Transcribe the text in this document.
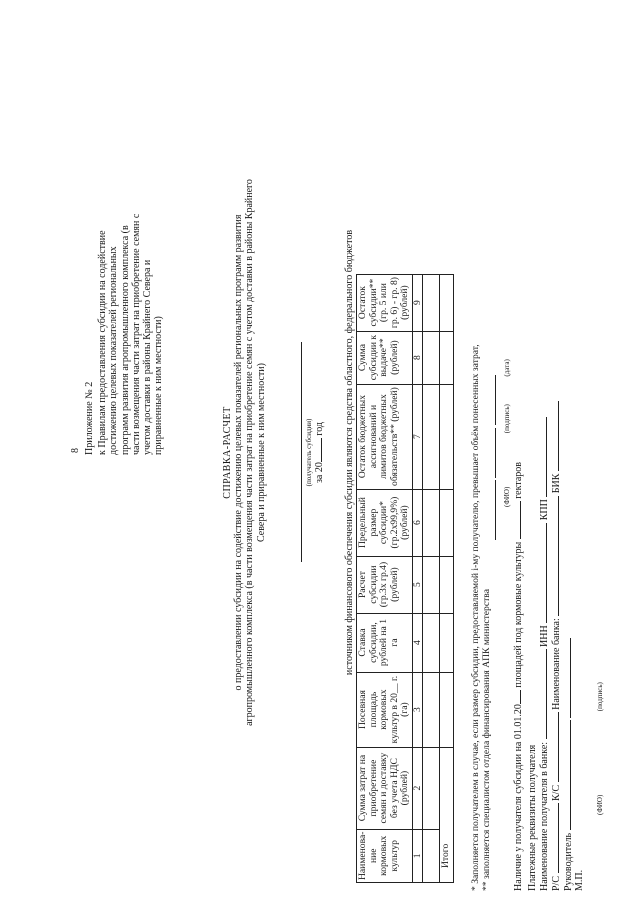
8 Приложение № 2 к Правилам предоставления субсидии на содействие достижению целевых показателей региональных программ развития агропромышленного комплекса (в части возмещения части затрат на приобретение семян с учетом доставки в районы Крайнего Севера и приравненные к ним местности)	СПРАВКА-РАСЧЕТ о предоставлении субсидии на содействие достижению целевых показателей региональных программ развития агропромышленного комплекса (в части возмещения части затрат на приобретение семян с учетом доставки в районы Крайнего Севера и приравненные к ним местности)	(получатель субсидии) за 20 год источником финансового обеспечения субсидии являются средства областного, федерального бюджетов
Наименова-ние кормовых культур	Сумма затрат на приобретение семян и доставку без учета НДС (рублей)	Посевная площадь кормовых культур в 20__ г. (га)	Ставка субсидии, рублей на 1 га	Расчет субсидии (гр.3х гр.4) (рублей)	Предельный размер субсидии* (гр.2х99,9%) (рублей)	Остаток бюджетных ассигнований и лимитов бюджетных обязательств** (рублей)	Сумма субсидии к выдаче** (рублей)	Остаток субсидии** (гр. 5 или гр. 6) - гр. 8) (рублей)
1	2	3	4	5	6	7	8	9

Итого								* Заполняется получателем в случае, если размер субсидии, предоставляемой i-му получателю, превышает объём понесенных затрат, ** заполняется специалистом отдела финансирования АПК министерства

(ФИО)  (подпись)  (дата)
Наличие у получателя субсидии на 01.01.20 площадей под кормовые культуры  гектаров
Платежные реквизиты получателя Наименование получателя в банке:  ИНН  КПП
Р/С  К/С  Наименование банка:  БИК
Руководитель М.П.
(ФИО)  (подпись)
